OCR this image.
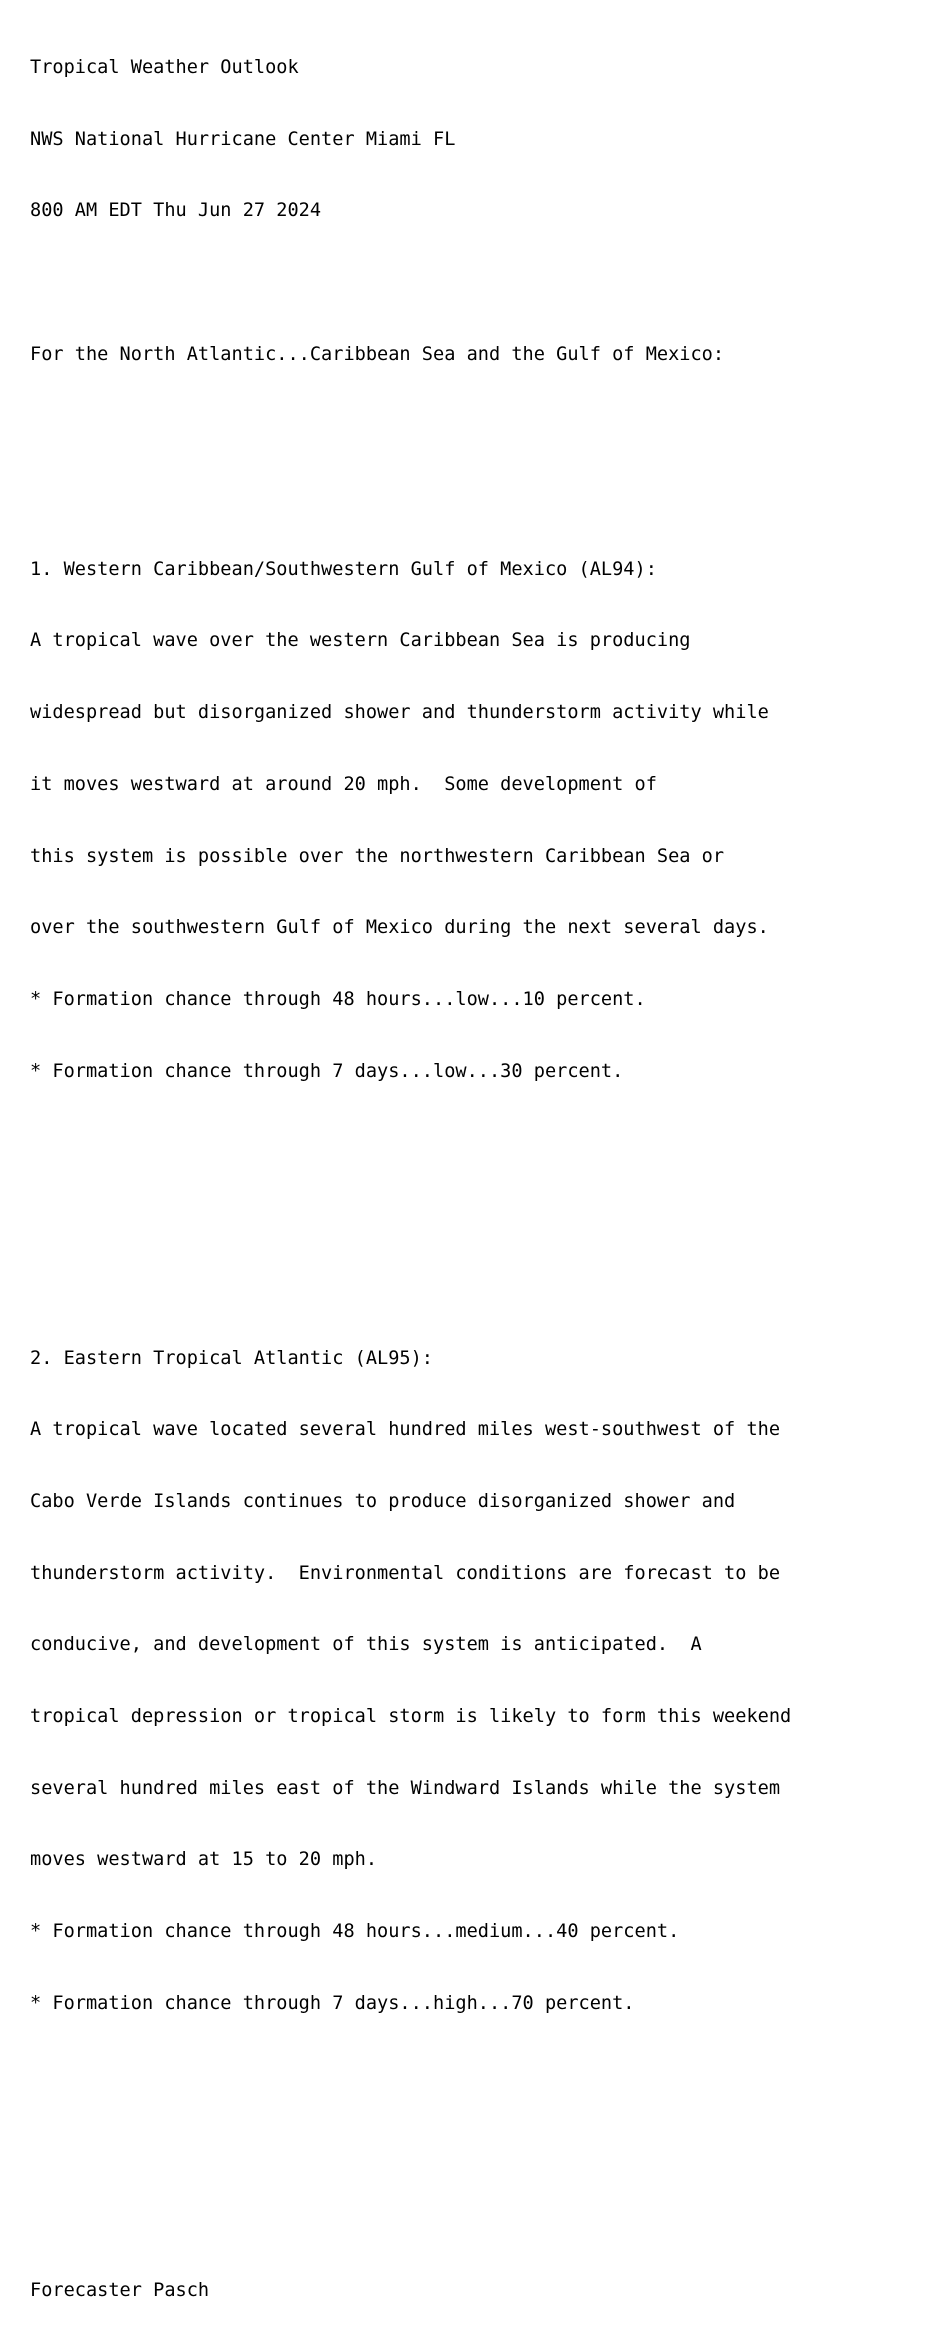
Tropical Weather Outlook

NWS National Hurricane Center Miami FL

800 AM EDT Thu Jun 27 2024

For the North Atlantic...Caribbean Sea and the Gulf of Mexico:

1. Western Caribbean/Southwestern Gulf of Mexico (AL94):

A tropical wave over the western Caribbean Sea is producing

widespread but disorganized shower and thunderstorm activity while

it moves westward at around 20 mph.  Some development of

this system is possible over the northwestern Caribbean Sea or

over the southwestern Gulf of Mexico during the next several days.

* Formation chance through 48 hours...low...10 percent.

* Formation chance through 7 days...low...30 percent.

2. Eastern Tropical Atlantic (AL95):

A tropical wave located several hundred miles west-southwest of the

Cabo Verde Islands continues to produce disorganized shower and

thunderstorm activity.  Environmental conditions are forecast to be

conducive, and development of this system is anticipated.  A

tropical depression or tropical storm is likely to form this weekend

several hundred miles east of the Windward Islands while the system

moves westward at 15 to 20 mph.

* Formation chance through 48 hours...medium...40 percent.

* Formation chance through 7 days...high...70 percent.

Forecaster Pasch
